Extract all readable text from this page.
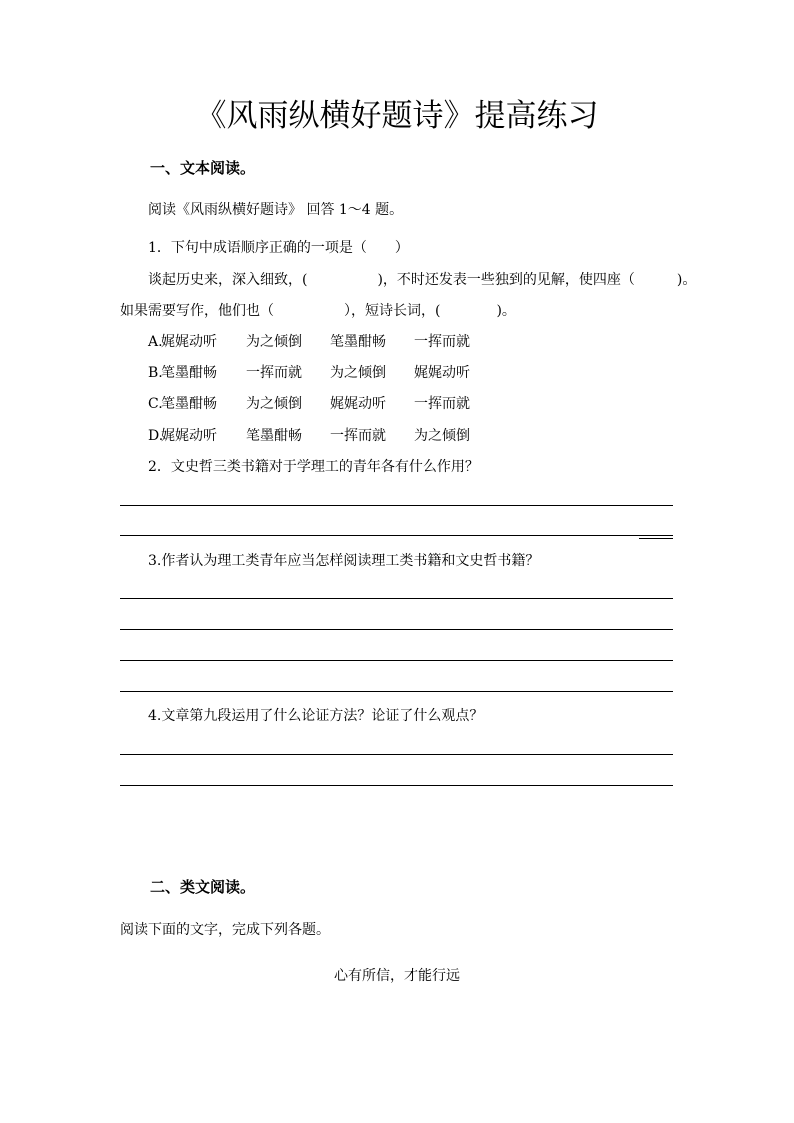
《风雨纵横好题诗》提高练习
一、文本阅读。
阅读《风雨纵横好题诗》 回答 1～4 题。
1．下句中成语顺序正确的一项是（　　）
谈起历史来，深入细致，(　　　　　)，不时还发表一些独到的见解，使四座（　　　)。
如果需要写作，他们也（　　　　　），短诗长词，(　　　　)。
A.
娓娓动听 为之倾倒 笔墨酣畅 一挥而就
B.
笔墨酣畅 一挥而就 为之倾倒 娓娓动听
C.
笔墨酣畅 为之倾倒 娓娓动听 一挥而就
D.
娓娓动听 笔墨酣畅 一挥而就 为之倾倒
2．文史哲三类书籍对于学理工的青年各有什么作用？
3.作者认为理工类青年应当怎样阅读理工类书籍和文史哲书籍？
4.文章第九段运用了什么论证方法？论证了什么观点？
二、类文阅读。
阅读下面的文字，完成下列各题。
心有所信，才能行远
